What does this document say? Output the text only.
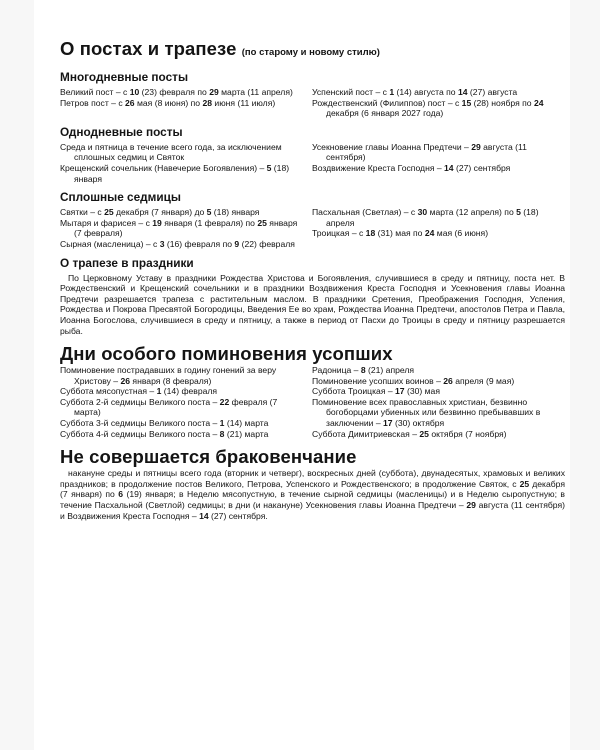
О постах и трапезе (по старому и новому стилю)
Многодневные посты
Великий пост – с 10 (23) февраля по 29 марта (11 апреля)
Петров пост – с 26 мая (8 июня) по 28 июня (11 июля)
Успенский пост – с 1 (14) августа по 14 (27) августа
Рождественский (Филиппов) пост – с 15 (28) ноября по 24 декабря (6 января 2027 года)
Однодневные посты
Среда и пятница в течение всего года, за исключением сплошных седмиц и Святок
Крещенский сочельник (Навечерие Богоявления) – 5 (18) января
Усекновение главы Иоанна Предтечи – 29 августа (11 сентября)
Воздвижение Креста Господня – 14 (27) сентября
Сплошные седмицы
Святки – с 25 декабря (7 января) до 5 (18) января
Мытаря и фарисея – с 19 января (1 февраля) по 25 января (7 февраля)
Сырная (масленица) – с 3 (16) февраля по 9 (22) февраля
Пасхальная (Светлая) – с 30 марта (12 апреля) по 5 (18) апреля
Троицкая – с 18 (31) мая по 24 мая (6 июня)
О трапезе в праздники

По Церковному Уставу в праздники Рождества Христова и Богоявления, случившиеся в среду и пятницу, поста нет. В Рождественский и Крещенский сочельники и в праздники Воздвижения Креста Господня и Усекновения главы Иоанна Предтечи разрешается трапеза с растительным маслом. В праздники Сретения, Преображения Господня, Успения, Рождества и Покрова Пресвятой Богородицы, Введения Ее во храм, Рождества Иоанна Предтечи, апостолов Петра и Павла, Иоанна Богослова, случившиеся в среду и пятницу, а также в период от Пасхи до Троицы в среду и пятницу разрешается рыба.

Дни особого поминовения усопших
Поминовение пострадавших в годину гонений за веру Христову – 26 января (8 февраля)
Суббота мясопустная – 1 (14) февраля
Суббота 2-й седмицы Великого поста – 22 февраля (7 марта)
Суббота 3-й седмицы Великого поста – 1 (14) марта
Суббота 4-й седмицы Великого поста – 8 (21) марта
Радоница – 8 (21) апреля
Поминовение усопших воинов – 26 апреля (9 мая)
Суббота Троицкая – 17 (30) мая
Поминовение всех православных христиан, безвинно богоборцами убиенных или безвинно пребывавших в заключении – 17 (30) октября
Суббота Димитриевская – 25 октября (7 ноября)
Не совершается браковенчание

накануне среды и пятницы всего года (вторник и четверг), воскресных дней (суббота), двунадесятых, храмовых и великих праздников; в продолжение постов Великого, Петрова, Успенского и Рождественского; в продолжение Святок, с 25 декабря (7 января) по 6 (19) января; в Неделю мясопустную, в течение сырной седмицы (масленицы) и в Неделю сыропустную; в течение Пасхальной (Светлой) седмицы; в дни (и накануне) Усекновения главы Иоанна Предтечи – 29 августа (11 сентября) и Воздвижения Креста Господня – 14 (27) сентября.
